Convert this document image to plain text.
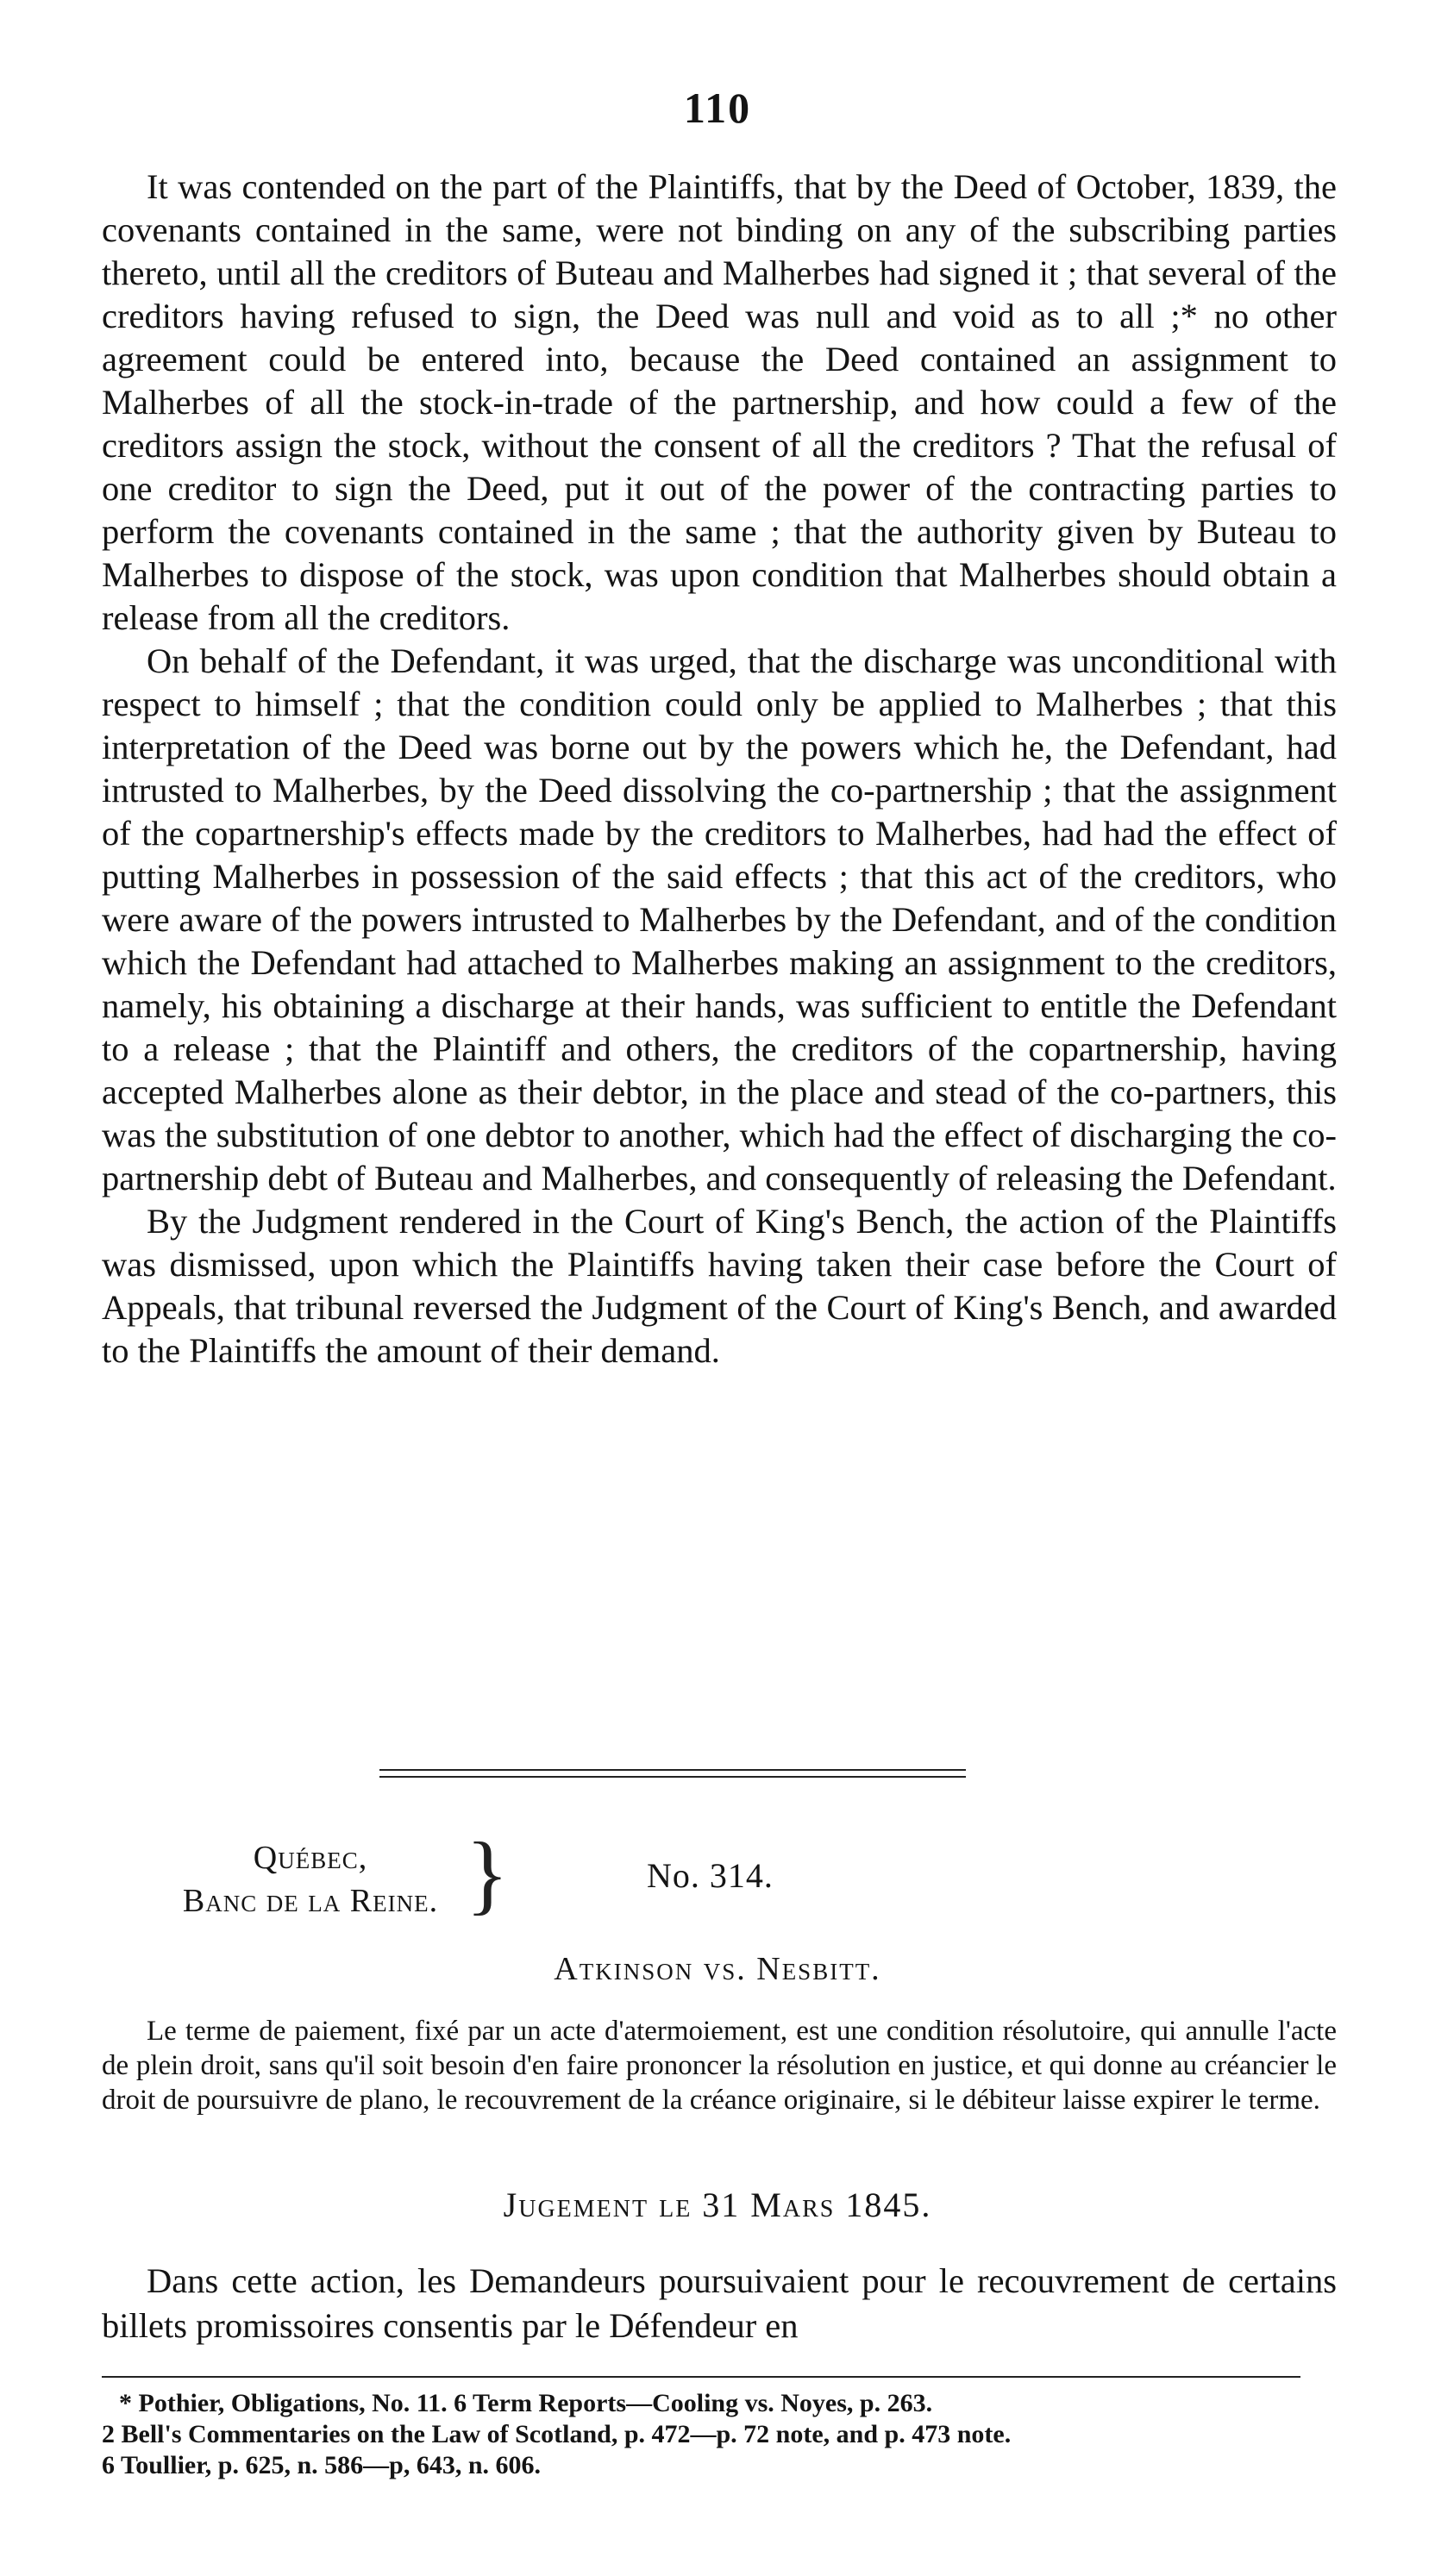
110

It was contended on the part of the Plaintiffs, that by the Deed of October, 1839, the covenants contained in the same, were not binding on any of the subscribing parties thereto, until all the creditors of Buteau and Malherbes had signed it ; that several of the creditors having refused to sign, the Deed was null and void as to all ;* no other agreement could be entered into, because the Deed contained an assignment to Malherbes of all the stock-in-trade of the partnership, and how could a few of the creditors assign the stock, without the consent of all the creditors ? That the refusal of one creditor to sign the Deed, put it out of the power of the contracting parties to perform the covenants contained in the same ; that the authority given by Buteau to Malherbes to dispose of the stock, was upon condition that Malherbes should obtain a release from all the creditors.

On behalf of the Defendant, it was urged, that the discharge was unconditional with respect to himself ; that the condition could only be applied to Malherbes ; that this interpretation of the Deed was borne out by the powers which he, the Defendant, had intrusted to Malherbes, by the Deed dissolving the co-partnership ; that the assignment of the copartnership's effects made by the creditors to Malherbes, had had the effect of putting Malherbes in possession of the said effects ; that this act of the creditors, who were aware of the powers intrusted to Malherbes by the Defendant, and of the condition which the Defendant had attached to Malherbes making an assignment to the creditors, namely, his obtaining a discharge at their hands, was sufficient to entitle the Defendant to a release ; that the Plaintiff and others, the creditors of the copartnership, having accepted Malherbes alone as their debtor, in the place and stead of the co-partners, this was the substitution of one debtor to another, which had the effect of discharging the co-partnership debt of Buteau and Malherbes, and consequently of releasing the Defendant.

By the Judgment rendered in the Court of King's Bench, the action of the Plaintiffs was dismissed, upon which the Plaintiffs having taken their case before the Court of Appeals, that tribunal reversed the Judgment of the Court of King's Bench, and awarded to the Plaintiffs the amount of their demand.

Québec,
Banc de la Reine. }	No. 314.
Atkinson vs. Nesbitt.

Le terme de paiement, fixé par un acte d'atermoiement, est une condition résolutoire, qui annulle l'acte de plein droit, sans qu'il soit besoin d'en faire prononcer la résolution en justice, et qui donne au créancier le droit de poursuivre de plano, le recouvrement de la créance originaire, si le débiteur laisse expirer le terme.

Jugement le 31 Mars 1845.

Dans cette action, les Demandeurs poursuivaient pour le recouvrement de certains billets promissoires consentis par le Défendeur en

* Pothier, Obligations, No. 11. 6 Term Reports—Cooling vs. Noyes, p. 263.
2 Bell's Commentaries on the Law of Scotland, p. 472—p. 72 note, and p. 473 note.
6 Toullier, p. 625, n. 586—p, 643, n. 606.
